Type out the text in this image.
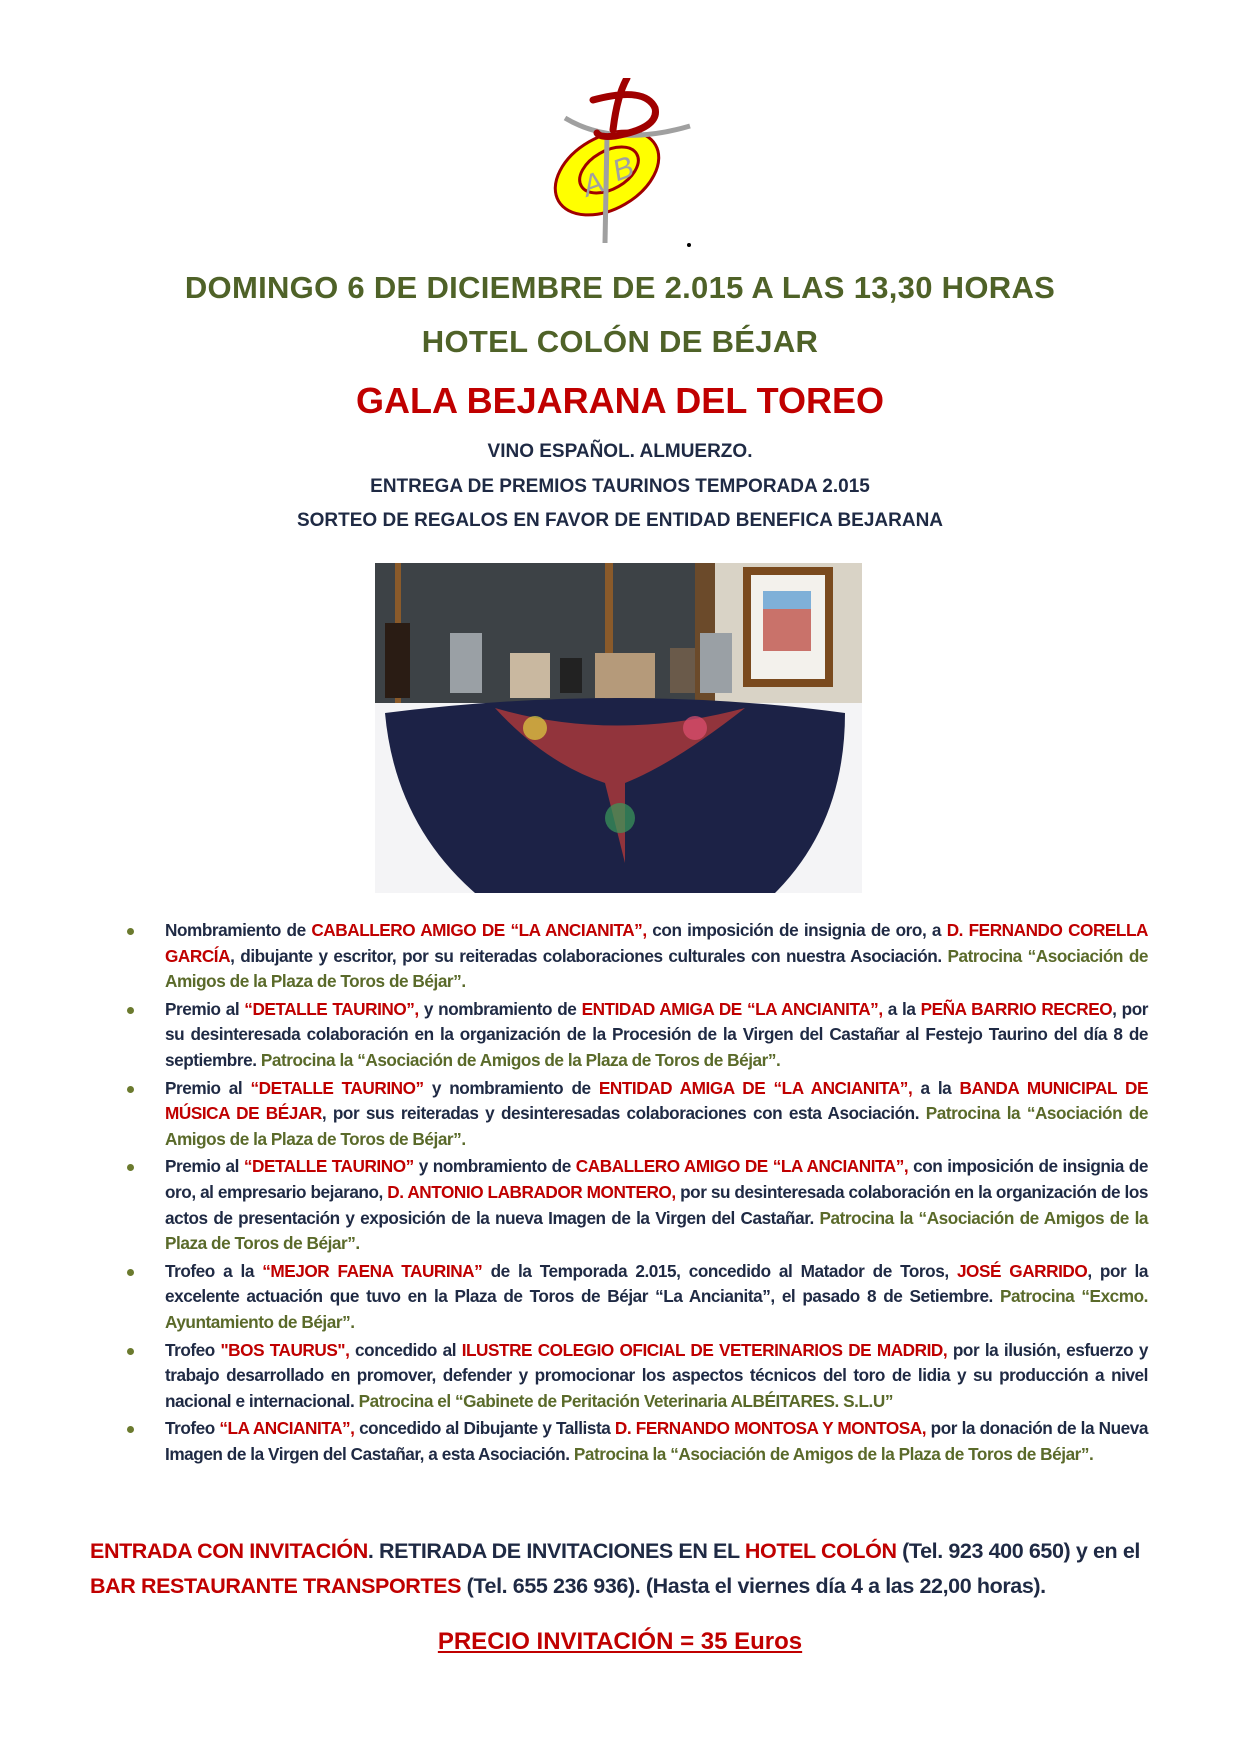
A B
DOMINGO 6 DE DICIEMBRE DE 2.015 A LAS 13,30 HORAS
HOTEL COLÓN DE BÉJAR
GALA BEJARANA DEL TOREO
VINO ESPAÑOL. ALMUERZO.
ENTREGA DE PREMIOS TAURINOS TEMPORADA 2.015
SORTEO DE REGALOS EN FAVOR DE ENTIDAD BENEFICA BEJARANA
Nombramiento de CABALLERO AMIGO DE “LA ANCIANITA”, con imposición de insignia de oro, a D. FERNANDO CORELLA GARCÍA, dibujante y escritor, por su reiteradas colaboraciones culturales con nuestra Asociación. Patrocina “Asociación de Amigos de la Plaza de Toros de Béjar”.
Premio al “DETALLE TAURINO”, y nombramiento de ENTIDAD AMIGA DE “LA ANCIANITA”, a la PEÑA BARRIO RECREO, por su desinteresada colaboración en la organización de la Procesión de la Virgen del Castañar al Festejo Taurino del día 8 de septiembre. Patrocina la “Asociación de Amigos de la Plaza de Toros de Béjar”.
Premio al “DETALLE TAURINO” y nombramiento de ENTIDAD AMIGA DE “LA ANCIANITA”, a la BANDA MUNICIPAL DE MÚSICA DE BÉJAR, por sus reiteradas y desinteresadas colaboraciones con esta Asociación. Patrocina la “Asociación de Amigos de la Plaza de Toros de Béjar”.
Premio al “DETALLE TAURINO” y nombramiento de CABALLERO AMIGO DE “LA ANCIANITA”, con imposición de insignia de oro, al empresario bejarano, D. ANTONIO LABRADOR MONTERO, por su desinteresada colaboración en la organización de los actos de presentación y exposición de la nueva Imagen de la Virgen del Castañar. Patrocina la “Asociación de Amigos de la Plaza de Toros de Béjar”.
Trofeo a la “MEJOR FAENA TAURINA” de la Temporada 2.015, concedido al Matador de Toros, JOSÉ GARRIDO, por la excelente actuación que tuvo en la Plaza de Toros de Béjar “La Ancianita”, el pasado 8 de Setiembre. Patrocina “Excmo. Ayuntamiento de Béjar”.
Trofeo "BOS TAURUS", concedido al ILUSTRE COLEGIO OFICIAL DE VETERINARIOS DE MADRID, por la ilusión, esfuerzo y trabajo desarrollado en promover, defender y promocionar los aspectos técnicos del toro de lidia y su producción a nivel nacional e internacional. Patrocina el “Gabinete de Peritación Veterinaria ALBÉITARES. S.L.U”
Trofeo “LA ANCIANITA”, concedido al Dibujante y Tallista D. FERNANDO MONTOSA Y MONTOSA, por la donación de la Nueva Imagen de la Virgen del Castañar, a esta Asociación. Patrocina la “Asociación de Amigos de la Plaza de Toros de Béjar”.
ENTRADA CON INVITACIÓN. RETIRADA DE INVITACIONES EN EL HOTEL COLÓN (Tel. 923 400 650) y en el BAR RESTAURANTE TRANSPORTES (Tel. 655 236 936). (Hasta el viernes día 4 a las 22,00 horas).
PRECIO INVITACIÓN = 35 Euros
